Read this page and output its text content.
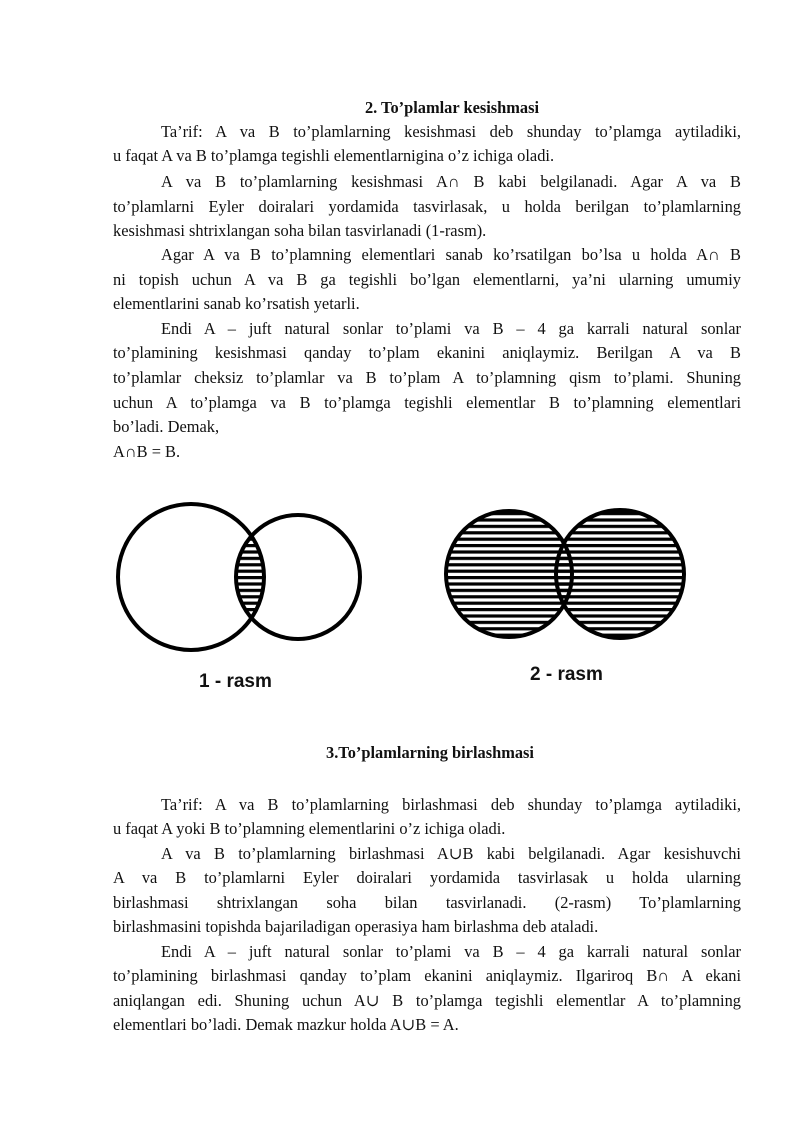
2. To’plamlar kesishmasi
Ta’rif: A va B to’plamlarning kesishmasi deb shunday to’plamga aytiladiki,
u faqat A va B to’plamga tegishli elementlarnigina o’z ichiga oladi.
A va B to’plamlarning kesishmasi A∩ B kabi belgilanadi. Agar A va B
to’plamlarni Eyler doiralari yordamida tasvirlasak, u holda berilgan to’plamlarning
kesishmasi shtrixlangan soha bilan tasvirlanadi (1-rasm).
Agar A va B to’plamning elementlari sanab ko’rsatilgan bo’lsa u holda A∩ B
ni topish uchun A va B ga tegishli bo’lgan elementlarni, ya’ni ularning umumiy
elementlarini sanab ko’rsatish yetarli.
Endi A – juft natural sonlar to’plami va B – 4 ga karrali natural sonlar
to’plamining kesishmasi qanday to’plam ekanini aniqlaymiz. Berilgan A va B
to’plamlar cheksiz to’plamlar va B to’plam A to’plamning qism to’plami. Shuning
uchun A to’plamga va B to’plamga tegishli elementlar B to’plamning elementlari
bo’ladi. Demak,
A∩B = B.
1 - rasm	2 - rasm
3.To’plamlarning birlashmasi
Ta’rif: A va B to’plamlarning birlashmasi deb shunday to’plamga aytiladiki,
u faqat A yoki B to’plamning elementlarini o’z ichiga oladi.
A va B to’plamlarning birlashmasi A∪B kabi belgilanadi. Agar kesishuvchi
A va B to’plamlarni Eyler doiralari yordamida tasvirlasak u holda ularning
birlashmasi shtrixlangan soha bilan tasvirlanadi. (2-rasm) To’plamlarning
birlashmasini topishda bajariladigan operasiya ham birlashma deb ataladi.
Endi A – juft natural sonlar to’plami va B – 4 ga karrali natural sonlar
to’plamining birlashmasi qanday to’plam ekanini aniqlaymiz. Ilgariroq B∩ A ekani
aniqlangan edi. Shuning uchun A∪ B to’plamga tegishli elementlar A to’plamning
elementlari bo’ladi. Demak mazkur holda A∪B = A.
